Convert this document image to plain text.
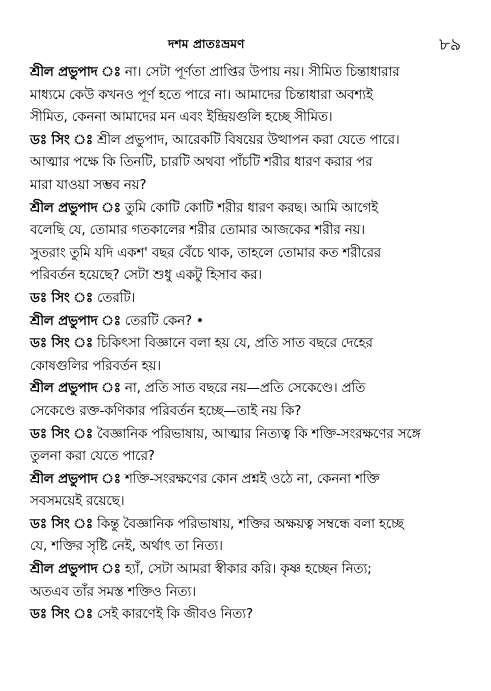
দশম প্রাতঃভ্রমণ	৮৯
শ্রীল প্রভুপাদ ঃ না। সেটা পূর্ণতা প্রাপ্তির উপায় নয়। সীমিত চিন্তাধারার
মাধ্যমে কেউ কখনও পূর্ণ হতে পারে না। আমাদের চিন্তাধারা অবশ্যই
সীমিত, কেননা আমাদের মন এবং ইন্দ্রিয়গুলি হচ্ছে সীমিত।
ডঃ সিং ঃ শ্রীল প্রভুপাদ, আরেকটি বিষয়ের উত্থাপন করা যেতে পারে।
আত্মার পক্ষে কি তিনটি, চারটি অথবা পাঁচটি শরীর ধারণ করার পর
মারা যাওয়া সম্ভব নয়?
শ্রীল প্রভুপাদ ঃ তুমি কোটি কোটি শরীর ধারণ করছ। আমি আগেই
বলেছি যে, তোমার গতকালের শরীর তোমার আজকের শরীর নয়।
সুতরাং তুমি যদি একশ' বছর বেঁচে থাক, তাহলে তোমার কত শরীরের
পরিবর্তন হয়েছে? সেটা শুধু একটু হিসাব কর।
ডঃ সিং ঃ তেরটি।
শ্রীল প্রভুপাদ ঃ তেরটি কেন? •
ডঃ সিং ঃ চিকিৎসা বিজ্ঞানে বলা হয় যে, প্রতি সাত বছরে দেহের
কোষগুলির পরিবর্তন হয়।
শ্রীল প্রভুপাদ ঃ না, প্রতি সাত বছরে নয়—প্রতি সেকেণ্ডে। প্রতি
সেকেণ্ডে রক্ত-কণিকার পরিবর্তন হচ্ছে—তাই নয় কি?
ডঃ সিং ঃ বৈজ্ঞানিক পরিভাষায়, আত্মার নিত্যত্ব কি শক্তি-সংরক্ষণের সঙ্গে
তুলনা করা যেতে পারে?
শ্রীল প্রভুপাদ ঃ শক্তি-সংরক্ষণের কোন প্রশ্নই ওঠে না, কেননা শক্তি
সবসময়েই রয়েছে।
ডঃ সিং ঃ কিন্তু বৈজ্ঞানিক পরিভাষায়, শক্তির অক্ষয়ত্ব সম্বন্ধে বলা হচ্ছে
যে, শক্তির সৃষ্টি নেই, অর্থাৎ তা নিত্য।
শ্রীল প্রভুপাদ ঃ হ্যাঁ, সেটা আমরা স্বীকার করি। কৃষ্ণ হচ্ছেন নিত্য;
অতএব তাঁর সমস্ত শক্তিও নিত্য।
ডঃ সিং ঃ সেই কারণেই কি জীবও নিত্য?
